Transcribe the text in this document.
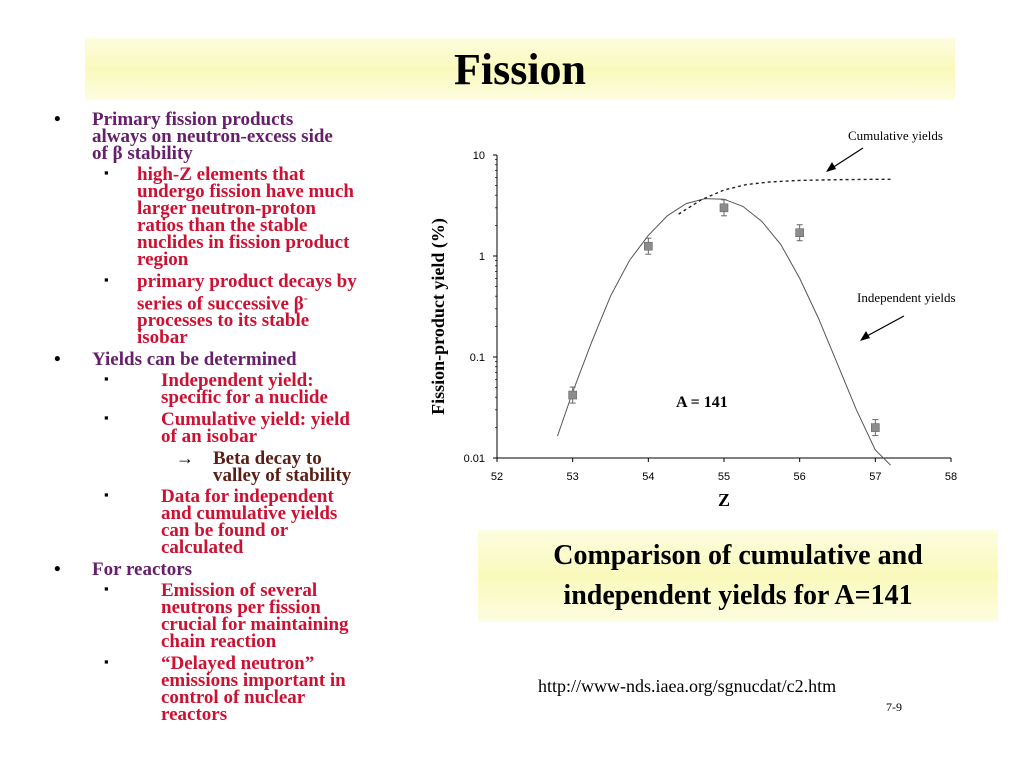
Fission
• Primary fission products
always on neutron-excess side
of β stability
▪ high-Z elements that
undergo fission have much
larger neutron-proton
ratios than the stable
nuclides in fission product
region
▪ primary product decays by
series of successive β-
processes to its stable
isobar
• Yields can be determined
▪	Independent yield:
specific for a nuclide
▪	Cumulative yield: yield
of an isobar
→ Beta decay to
valley of stability
▪	Data for independent
and cumulative yields
can be found or
calculated
• For reactors
▪	Emission of several
neutrons per fission
crucial for maintaining
chain reaction
▪	“Delayed neutron”
emissions important in
control of nuclear
reactors
0.01
0.1
1
10
52	53	54	55	56	57	58
Z
Fission-product yield (%)	A = 141
Cumulative yields
Independent yields
Comparison of cumulative and
independent yields for A=141
http://www-nds.iaea.org/sgnucdat/c2.htm
7-9
